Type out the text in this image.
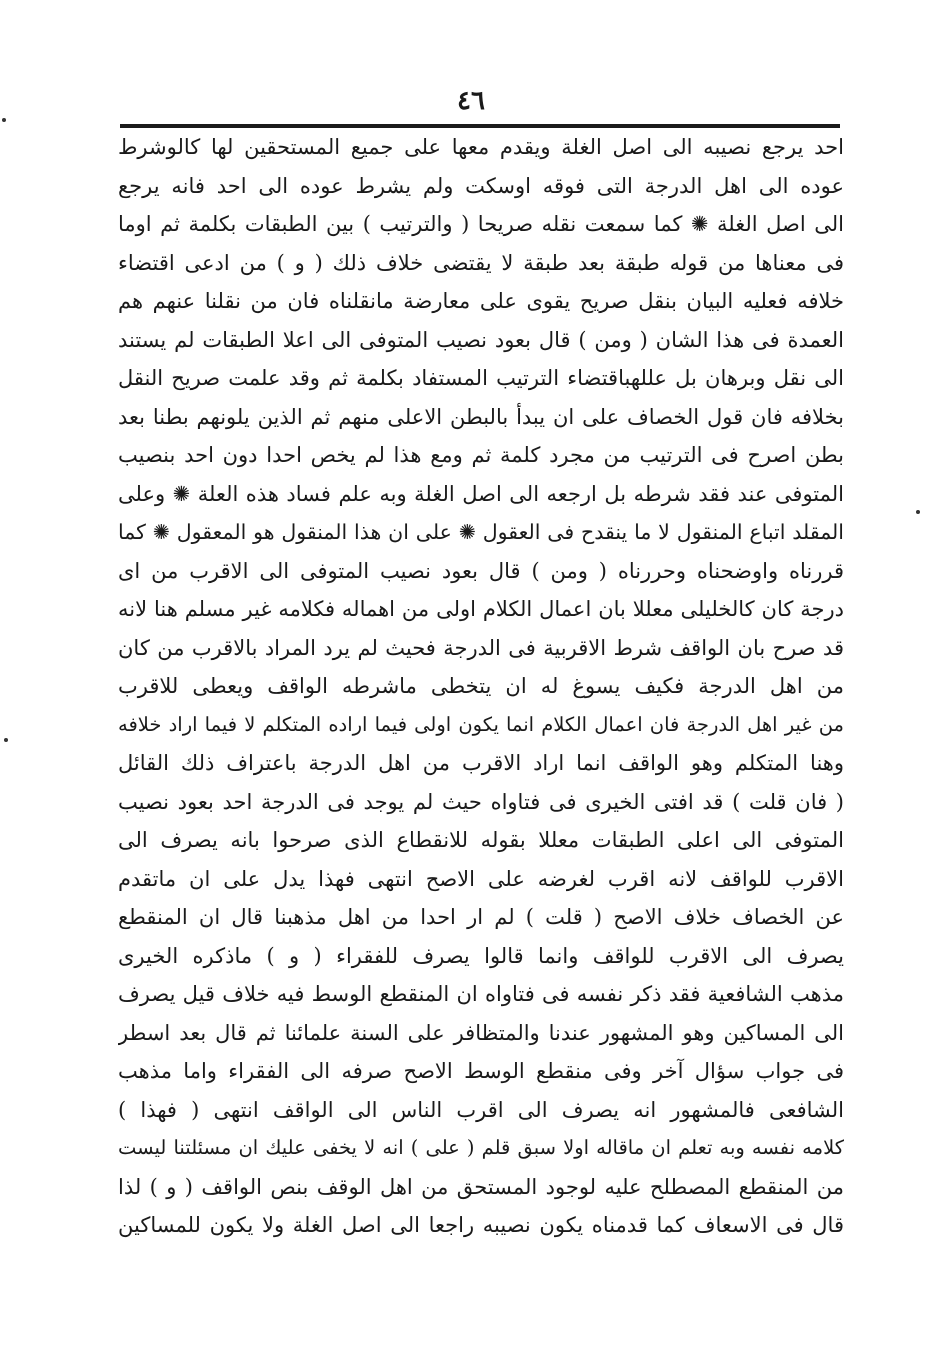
٤٦
احد يرجع نصيبه الى اصل الغلة ويقدم معها على جميع المستحقين لها كالوشرط
عوده الى اهل الدرجة التى فوقه اوسكت ولم يشرط عوده الى احد فانه يرجع
الى اصل الغلة ✺ كما سمعت نقله صريحا ( والترتيب ) بين الطبقات بكلمة ثم اوما
فى معناها من قوله طبقة بعد طبقة لا يقتضى خلاف ذلك ( و ) من ادعى اقتضاء
خلافه فعليه البيان بنقل صريح يقوى على معارضة مانقلناه فان من نقلنا عنهم هم
العمدة فى هذا الشان ( ومن ) قال بعود نصيب المتوفى الى اعلا الطبقات لم يستند
الى نقل وبرهان بل عللهباقتضاء الترتيب المستفاد بكلمة ثم وقد علمت صريح النقل
بخلافه فان قول الخصاف على ان يبدأ بالبطن الاعلى منهم ثم الذين يلونهم بطنا بعد
بطن اصرح فى الترتيب من مجرد كلمة ثم ومع هذا لم يخص احدا دون احد بنصيب
المتوفى عند فقد شرطه بل ارجعه الى اصل الغلة وبه علم فساد هذه العلة ✺ وعلى
المقلد اتباع المنقول لا ما ينقدح فى العقول ✺ على ان هذا المنقول هو المعقول ✺ كما
قررناه واوضحناه وحررناه ( ومن ) قال بعود نصيب المتوفى الى الاقرب من اى
درجة كان كالخليلى معللا بان اعمال الكلام اولى من اهماله فكلامه غير مسلم هنا لانه
قد صرح بان الواقف شرط الاقربية فى الدرجة فحيث لم يرد المراد بالاقرب من كان
من اهل الدرجة فكيف يسوغ له ان يتخطى ماشرطه الواقف ويعطى للاقرب
من غير اهل الدرجة فان اعمال الكلام انما يكون اولى فيما اراده المتكلم لا فيما اراد خلافه
وهنا المتكلم وهو الواقف انما اراد الاقرب من اهل الدرجة باعتراف ذلك القائل
( فان قلت ) قد افتى الخيرى فى فتاواه حيث لم يوجد فى الدرجة احد بعود نصيب
المتوفى الى اعلى الطبقات معللا بقوله للانقطاع الذى صرحوا بانه يصرف الى
الاقرب للواقف لانه اقرب لغرضه على الاصح انتهى فهذا يدل على ان ماتقدم
عن الخصاف خلاف الاصح ( قلت ) لم ار احدا من اهل مذهبنا قال ان المنقطع
يصرف الى الاقرب للواقف وانما قالوا يصرف للفقراء ( و ) ماذكره الخيرى
مذهب الشافعية فقد ذكر نفسه فى فتاواه ان المنقطع الوسط فيه خلاف قيل يصرف
الى المساكين وهو المشهور عندنا والمتظافر على السنة علمائنا ثم قال بعد اسطر
فى جواب سؤال آخر وفى منقطع الوسط الاصح صرفه الى الفقراء واما مذهب
الشافعى فالمشهور انه يصرف الى اقرب الناس الى الواقف انتهى ( فهذا )
كلامه نفسه وبه تعلم ان ماقاله اولا سبق قلم ( على ) انه لا يخفى عليك ان مسئلتنا ليست
من المنقطع المصطلح عليه لوجود المستحق من اهل الوقف بنص الواقف ( و ) لذا
قال فى الاسعاف كما قدمناه يكون نصيبه راجعا الى اصل الغلة ولا يكون للمساكين
